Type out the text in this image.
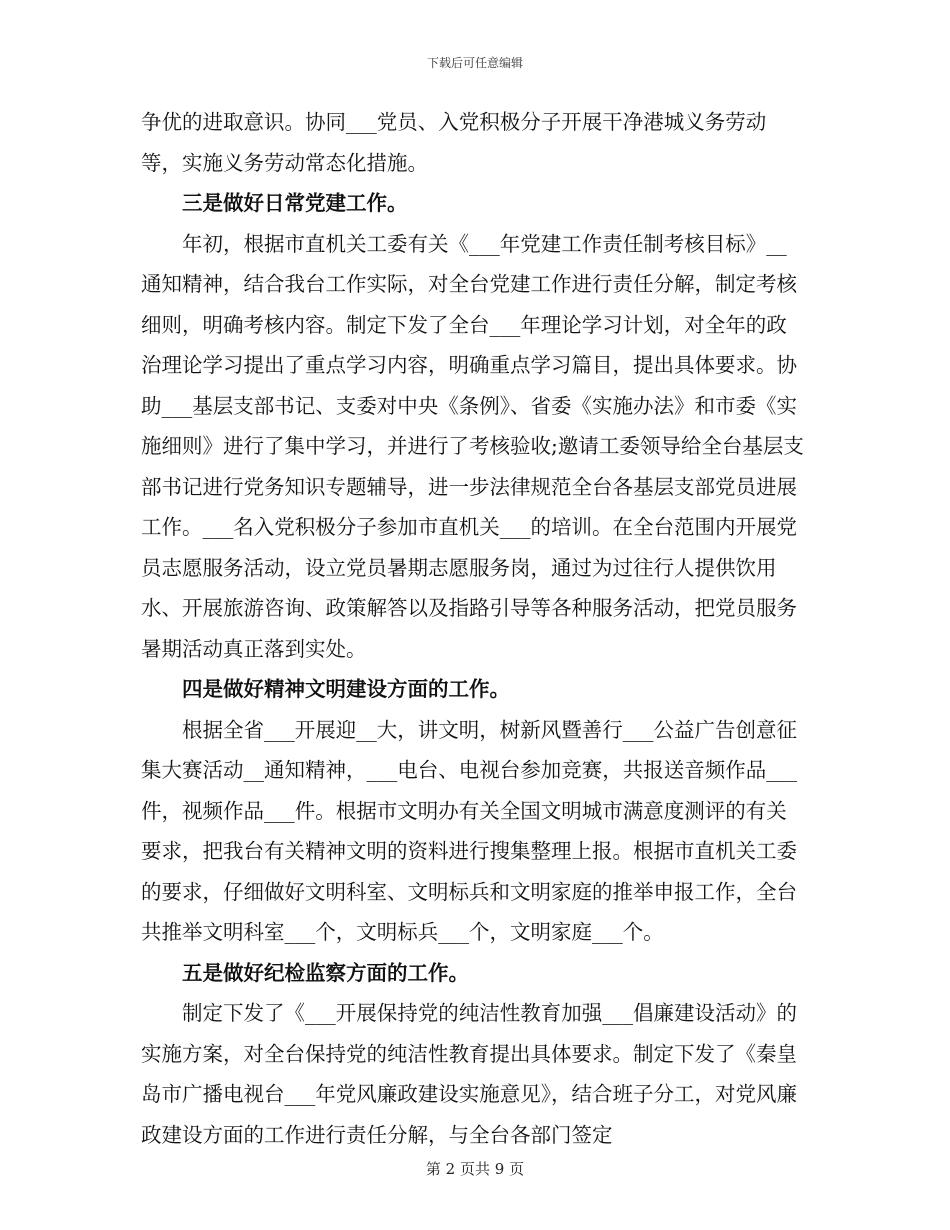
下载后可任意编辑

争优的进取意识。协同___党员、入党积极分子开展干净港城义务劳动等，实施义务劳动常态化措施。

三是做好日常党建工作。

年初，根据市直机关工委有关《___年党建工作责任制考核目标》__通知精神，结合我台工作实际，对全台党建工作进行责任分解，制定考核细则，明确考核内容。制定下发了全台___年理论学习计划，对全年的政治理论学习提出了重点学习内容，明确重点学习篇目，提出具体要求。协助___基层支部书记、支委对中央《条例》、省委《实施办法》和市委《实施细则》进行了集中学习，并进行了考核验收;邀请工委领导给全台基层支部书记进行党务知识专题辅导，进一步法律规范全台各基层支部党员进展工作。___名入党积极分子参加市直机关___的培训。在全台范围内开展党员志愿服务活动，设立党员暑期志愿服务岗，通过为过往行人提供饮用水、开展旅游咨询、政策解答以及指路引导等各种服务活动，把党员服务暑期活动真正落到实处。

四是做好精神文明建设方面的工作。

根据全省___开展迎__大，讲文明，树新风暨善行___公益广告创意征集大赛活动__通知精神，___电台、电视台参加竞赛，共报送音频作品___件，视频作品___件。根据市文明办有关全国文明城市满意度测评的有关要求，把我台有关精神文明的资料进行搜集整理上报。根据市直机关工委的要求，仔细做好文明科室、文明标兵和文明家庭的推举申报工作，全台共推举文明科室___个，文明标兵___个，文明家庭___个。

五是做好纪检监察方面的工作。

制定下发了《___开展保持党的纯洁性教育加强___倡廉建设活动》的实施方案，对全台保持党的纯洁性教育提出具体要求。制定下发了《秦皇岛市广播电视台___年党风廉政建设实施意见》，结合班子分工，对党风廉政建设方面的工作进行责任分解，与全台各部门签定

第 2 页共 9 页
